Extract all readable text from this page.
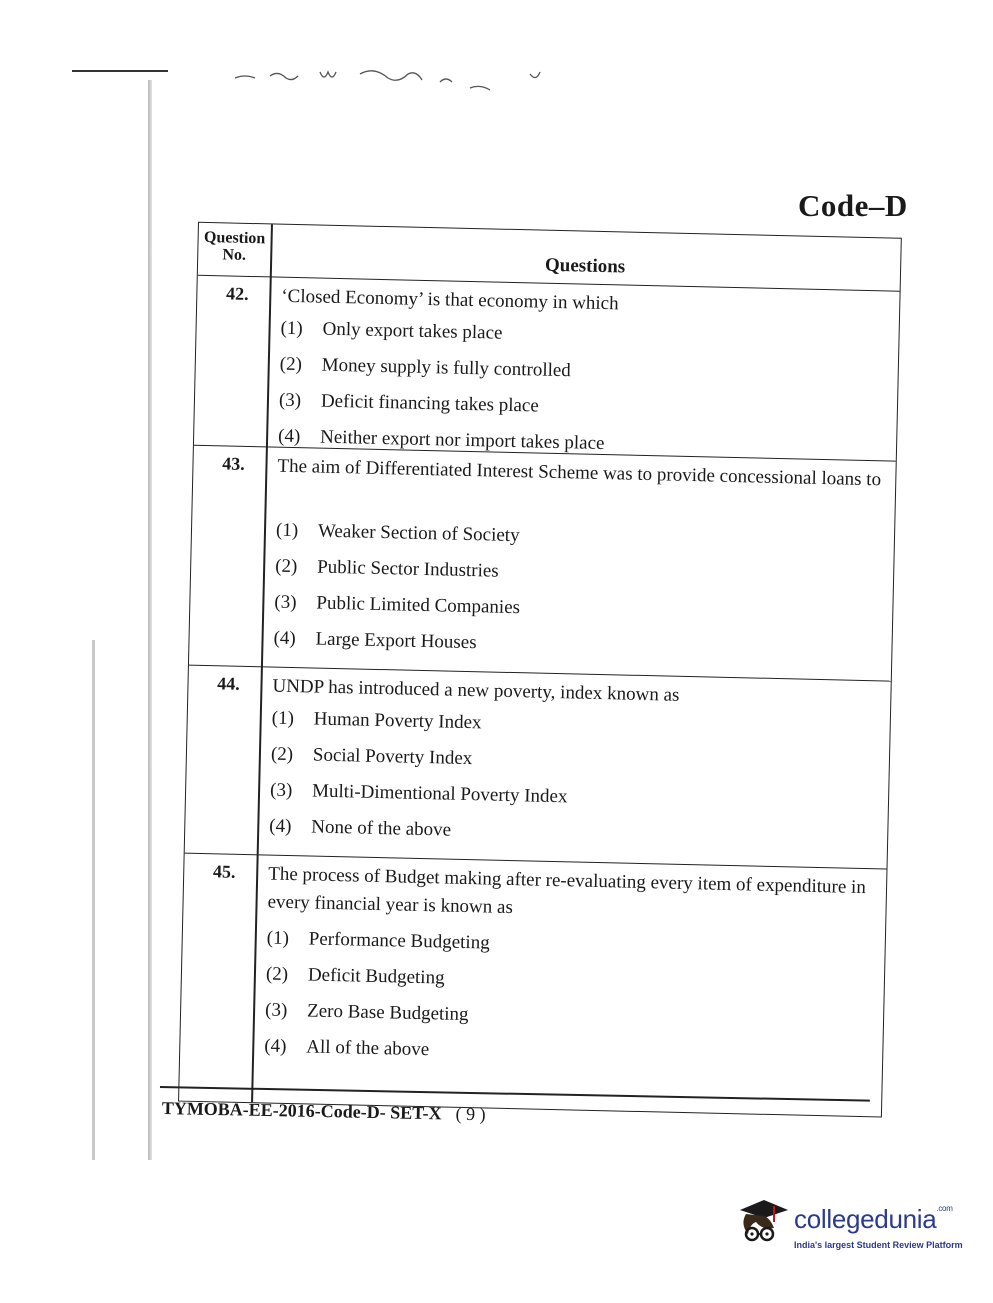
Code–D
Question No.	Questions
42.	‘Closed Economy’ is that economy in which
(1)	Only export takes place
(2)	Money supply is fully controlled
(3)	Deficit financing takes place
(4)	Neither export nor import takes place
43.	The aim of Differentiated Interest Scheme was to provide concessional loans to
(1)	Weaker Section of Society
(2)	Public Sector Industries
(3)	Public Limited Companies
(4)	Large Export Houses
44.	UNDP has introduced a new poverty, index known as
(1)	Human Poverty Index
(2)	Social Poverty Index
(3)	Multi-Dimentional Poverty Index
(4)	None of the above
45.	The process of Budget making after re-evaluating every item of expenditure in every financial year is known as
(1)	Performance Budgeting
(2)	Deficit Budgeting
(3)	Zero Base Budgeting
(4)	All of the above
TYMOBA-EE-2016-Code-D- SET-X ( 9 )
collegedunia$^{.com}$
India's largest Student Review Platform
